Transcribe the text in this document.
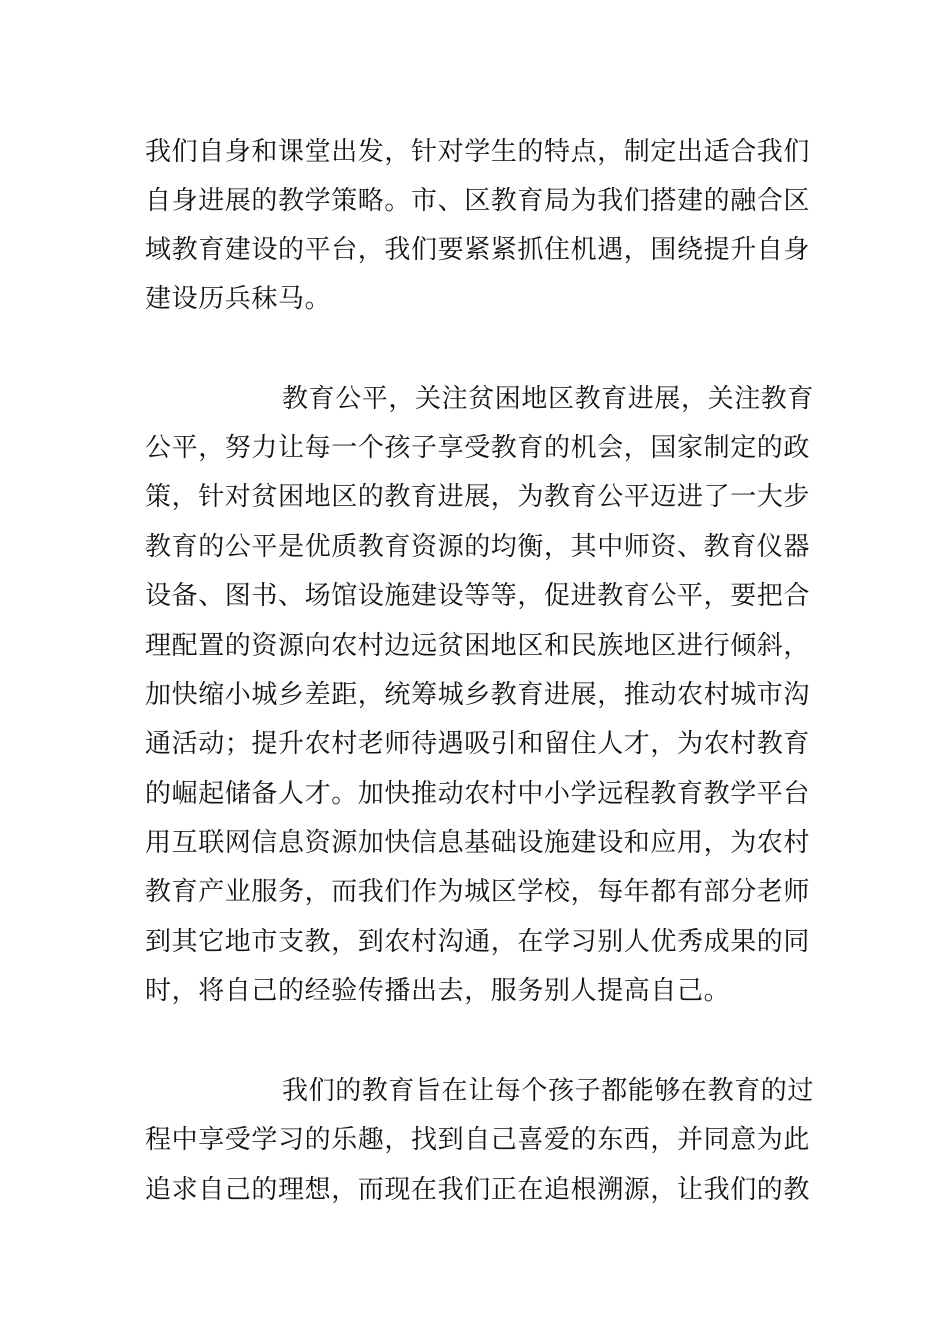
我们自身和课堂出发，针对学生的特点，制定出适合我们
自身进展的教学策略。市、区教育局为我们搭建的融合区
域教育建设的平台，我们要紧紧抓住机遇，围绕提升自身
建设历兵秣马。
教育公平，关注贫困地区教育进展，关注教育
公平，努力让每一个孩子享受教育的机会，国家制定的政
策，针对贫困地区的教育进展，为教育公平迈进了一大步
教育的公平是优质教育资源的均衡，其中师资、教育仪器
设备、图书、场馆设施建设等等，促进教育公平，要把合
理配置的资源向农村边远贫困地区和民族地区进行倾斜，
加快缩小城乡差距，统筹城乡教育进展，推动农村城市沟
通活动；提升农村老师待遇吸引和留住人才，为农村教育
的崛起储备人才。加快推动农村中小学远程教育教学平台
用互联网信息资源加快信息基础设施建设和应用，为农村
教育产业服务，而我们作为城区学校，每年都有部分老师
到其它地市支教，到农村沟通，在学习别人优秀成果的同
时，将自己的经验传播出去，服务别人提高自己。
我们的教育旨在让每个孩子都能够在教育的过
程中享受学习的乐趣，找到自己喜爱的东西，并同意为此
追求自己的理想，而现在我们正在追根溯源，让我们的教
